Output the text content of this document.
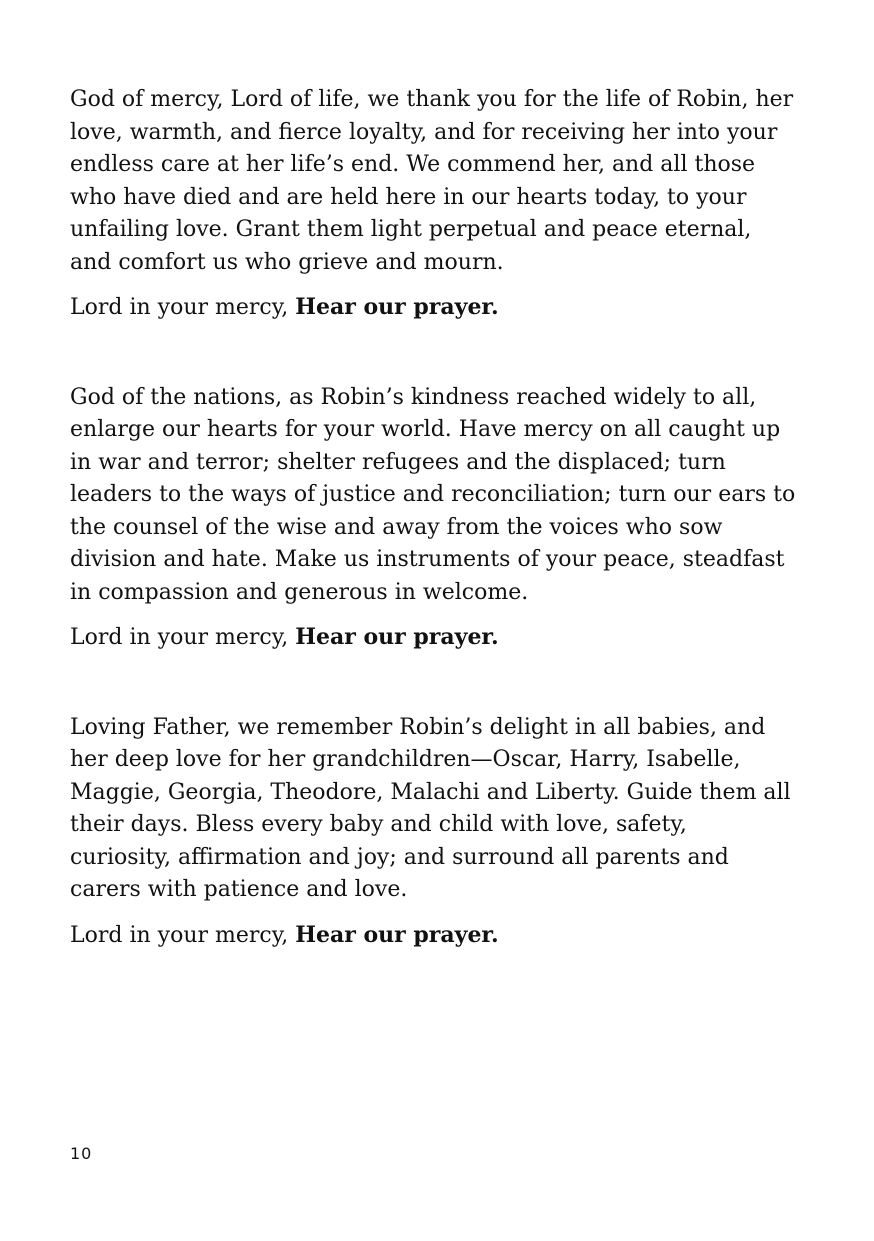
God of mercy, Lord of life, we thank you for the life of Robin, her
love, warmth, and fierce loyalty, and for receiving her into your
endless care at her life’s end. We commend her, and all those
who have died and are held here in our hearts today, to your
unfailing love. Grant them light perpetual and peace eternal,
and comfort us who grieve and mourn.

Lord in your mercy, Hear our prayer.

God of the nations, as Robin’s kindness reached widely to all,
enlarge our hearts for your world. Have mercy on all caught up
in war and terror; shelter refugees and the displaced; turn
leaders to the ways of justice and reconciliation; turn our ears to
the counsel of the wise and away from the voices who sow
division and hate. Make us instruments of your peace, steadfast
in compassion and generous in welcome.

Lord in your mercy, Hear our prayer.

Loving Father, we remember Robin’s delight in all babies, and
her deep love for her grandchildren—Oscar, Harry, Isabelle,
Maggie, Georgia, Theodore, Malachi and Liberty. Guide them all
their days. Bless every baby and child with love, safety,
curiosity, affirmation and joy; and surround all parents and
carers with patience and love.

Lord in your mercy, Hear our prayer.

10
